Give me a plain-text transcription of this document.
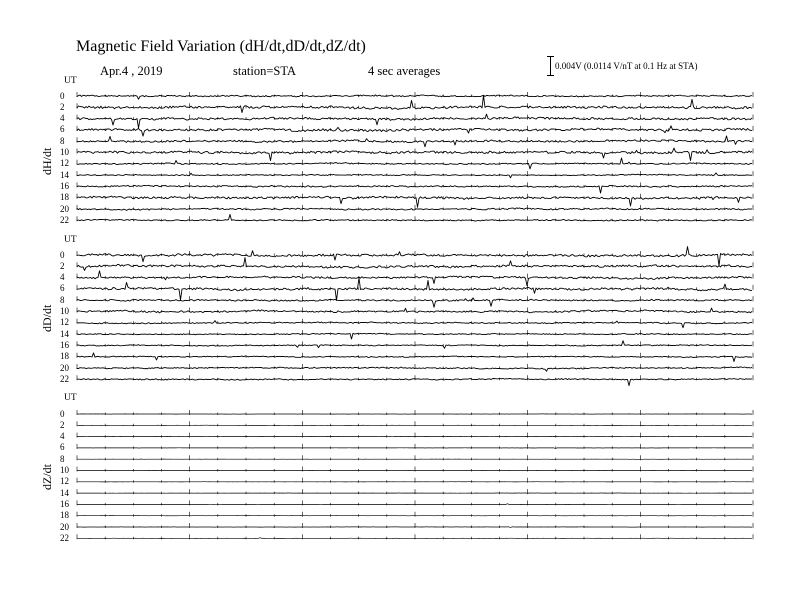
Magnetic Field Variation (dH/dt,dD/dt,dZ/dt)
Apr.4 , 2019	station=STA	4 sec averages	0.004V (0.0114 V/nT at 0.1 Hz at STA)
UT
UT
UT
dH/dt
dD/dt
dZ/dt
0
2
4
6
8
10
12
14
16
18
20
22
0
2
4
6
8
10
12
14
16
18
20
22
0
2
4
6
8
10
12
14
16
18
20
22
